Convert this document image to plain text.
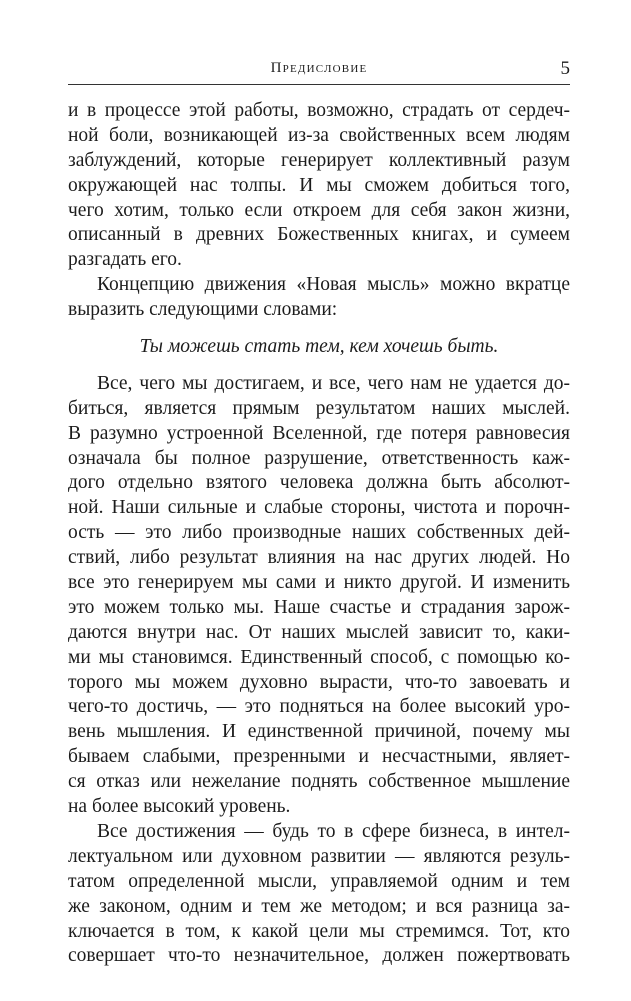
Предисловие	5
и в процессе этой работы, возможно, страдать от сердеч-
ной боли, возникающей из-за свойственных всем людям
заблуждений, которые генерирует коллективный разум
окружающей нас толпы. И мы сможем добиться того,
чего хотим, только если откроем для себя закон жизни,
описанный в древних Божественных книгах, и сумеем
разгадать его.
Концепцию движения «Новая мысль» можно вкратце
выразить следующими словами:
Ты можешь стать тем, кем хочешь быть.
Все, чего мы достигаем, и все, чего нам не удается до-
биться, является прямым результатом наших мыслей.
В разумно устроенной Вселенной, где потеря равновесия
означала бы полное разрушение, ответственность каж-
дого отдельно взятого человека должна быть абсолют-
ной. Наши сильные и слабые стороны, чистота и порочн-
ость — это либо производные наших собственных дей-
ствий, либо результат влияния на нас других людей. Но
все это генерируем мы сами и никто другой. И изменить
это можем только мы. Наше счастье и страдания зарож-
даются внутри нас. От наших мыслей зависит то, каки-
ми мы становимся. Единственный способ, с помощью ко-
торого мы можем духовно вырасти, что-то завоевать и
чего-то достичь, — это подняться на более высокий уро-
вень мышления. И единственной причиной, почему мы
бываем слабыми, презренными и несчастными, являет-
ся отказ или нежелание поднять собственное мышление
на более высокий уровень.
Все достижения — будь то в сфере бизнеса, в интел-
лектуальном или духовном развитии — являются резуль-
татом определенной мысли, управляемой одним и тем
же законом, одним и тем же методом; и вся разница за-
ключается в том, к какой цели мы стремимся. Тот, кто
совершает что-то незначительное, должен пожертвовать
